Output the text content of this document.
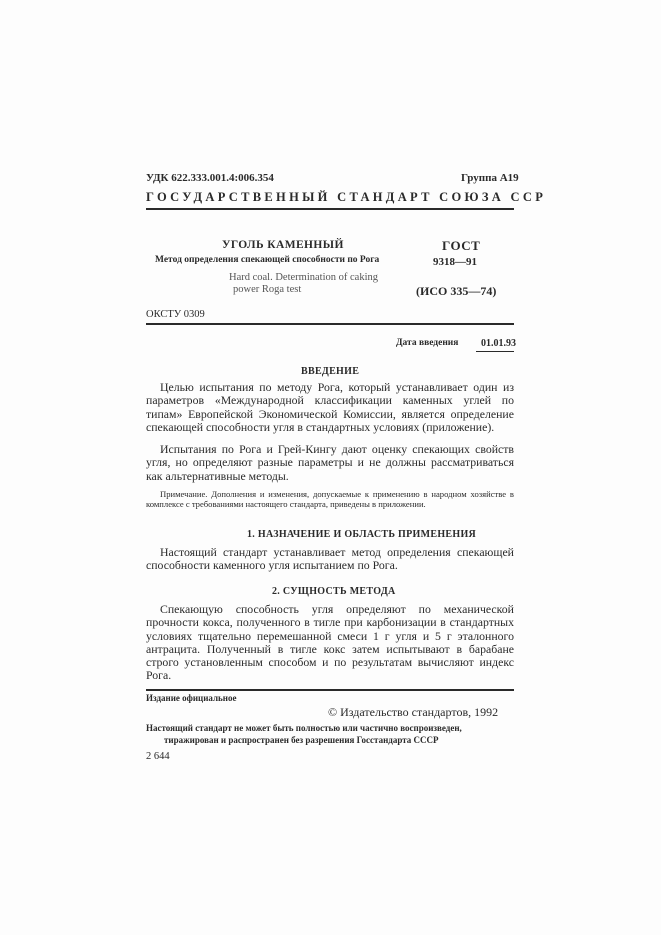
УДК 622.333.001.4:006.354	Группа А19
ГОСУДАРСТВЕННЫЙ СТАНДАРТ СОЮЗА ССР
УГОЛЬ КАМЕННЫЙ
Метод определения спекающей способности по Рога
Hard coal. Determination of caking
power Roga test
ГОСТ
9318—91
(ИСО 335—74)
ОКСТУ 0309
Дата введения 01.01.93
ВВЕДЕНИЕ

Целью испытания по методу Рога, который устанавливает один из параметров «Международной классификации каменных углей по типам» Европейской Экономической Комиссии, является определение спекающей способности угля в стандартных условиях (приложение).

Испытания по Рога и Грей-Кингу дают оценку спекающих свойств угля, но определяют разные параметры и не должны рассматриваться как альтернативные методы.

Примечание. Дополнения и изменения, допускаемые к применению в народном хозяйстве в комплексе с требованиями настоящего стандарта, приведены в приложении.

1. НАЗНАЧЕНИЕ И ОБЛАСТЬ ПРИМЕНЕНИЯ

Настоящий стандарт устанавливает метод определения спекающей способности каменного угля испытанием по Рога.

2. СУЩНОСТЬ МЕТОДА

Спекающую способность угля определяют по механической прочности кокса, полученного в тигле при карбонизации в стандартных условиях тщательно перемешанной смеси 1 г угля и 5 г эталонного антрацита. Полученный в тигле кокс затем испытывают в барабане строго установленным способом и по результатам вычисляют индекс Рога.

Издание официальное
© Издательство стандартов, 1992
Настоящий стандарт не может быть полностью или частично воспроизведен,
тиражирован и распространен без разрешения Госстандарта СССР
2 644
